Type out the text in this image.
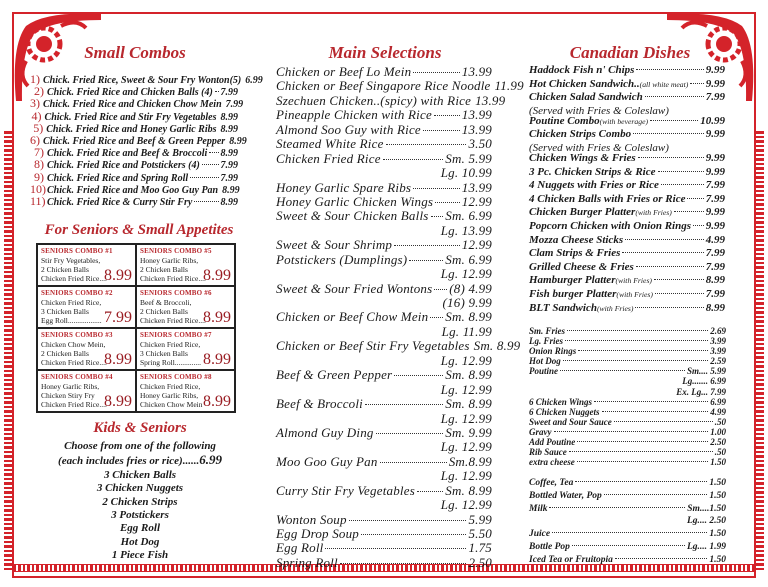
Small Combos
1) Chick. Fried Rice, Sweet & Sour Fry Wonton(5) 6.99
2) Chick. Fried Rice and Chicken Balls (4) 7.99
3) Chick. Fried Rice and Chicken Chow Mein 7.99
4) Chick. Fried Rice and Stir Fry Vegetables 8.99
5) Chick. Fried Rice and Honey Garlic Ribs 8.99
6) Chick. Fried Rice and Beef & Green Pepper 8.99
7) Chick. Fried Rice and Beef & Broccoli 8.99
8) Chick. Fried Rice and Potstickers (4) 7.99
9) Chick. Fried Rice and Spring Roll	7.99
10) Chick. Fried Rice and Moo Goo Guy Pan 8.99
11) Chick. Fried Rice & Curry Stir Fry	8.99
For Seniors & Small Appetites
SENIORS COMBO #1
Stir Fry Vegetables,
2 Chicken Balls
Chicken Fried Rice....
8.99
SENIORS COMBO #5
Honey Garlic Ribs,
2 Chicken Balls
Chicken Fried Rice....
8.99
SENIORS COMBO #2
Chicken Fried Rice,
3 Chicken Balls
Egg Roll.................. 7.99
SENIORS COMBO #6
Beef & Broccoli,
2 Chicken Balls
Chicken Fried Rice....
8.99
SENIORS COMBO #3
Chicken Chow Mein,
2 Chicken Balls
Chicken Fried Rice....
8.99
SENIORS COMBO #7
Chicken Fried Rice,
3 Chicken Balls
Spring Roll.............. 8.99
SENIORS COMBO #4
Honey Garlic Ribs,
Chicken Stiry Fry
Chicken Fried Rice....
8.99
SENIORS COMBO #8
Chicken Fried Rice,
Honey Garlic Ribs,
Chicken Chow Mein 8.99
Kids & Seniors
Choose from one of the following
(each includes fries or rice)......6.99
3 Chicken Balls
3 Chicken Nuggets
2 Chicken Strips
3 Potstickers
Egg Roll
Hot Dog
1 Piece Fish
Main Selections
Chicken or Beef Lo Mein	13.99
Chicken or Beef Singapore Rice Noodle 11.99
Szechuen Chicken..(spicy) with Rice 13.99
Pineapple Chicken with Rice 13.99
Almond Soo Guy with Rice	13.99
Steamed White Rice	3.50
Chicken Fried Rice	Sm. 5.99
Lg. 10.99
Honey Garlic Spare Ribs	13.99
Honey Garlic Chicken Wings 12.99
Sweet & Sour Chicken Balls Sm. 6.99
Lg. 13.99
Sweet & Sour Shrimp	12.99
Potstickers (Dumplings)	Sm. 6.99
Lg. 12.99
Sweet & Sour Fried Wontons (8) 4.99
(16) 9.99
Chicken or Beef Chow Mein Sm. 8.99
Lg. 11.99
Chicken or Beef Stir Fry Vegetables Sm. 8.99
Lg. 12.99
Beef & Green Pepper	Sm. 8.99
Lg. 12.99
Beef & Broccoli	Sm. 8.99
Lg. 12.99
Almond Guy Ding	Sm. 9.99
Lg. 12.99
Moo Goo Guy Pan	Sm.8.99
Lg. 12.99
Curry Stir Fry Vegetables Sm. 8.99
Lg. 12.99
Wonton Soup	5.99
Egg Drop Soup	5.50
Egg Roll	1.75
Spring Roll	2.50
Canadian Dishes
Haddock Fish n' Chips	9.99
Hot Chicken Sandwich.. (all white meat) 9.99
Chicken Salad Sandwich	7.99
(Served with Fries & Coleslaw)
Poutine Combo (with beverage)	10.99
Chicken Strips Combo	9.99
(Served with Fries & Coleslaw)
Chicken Wings & Fries	9.99
3 Pc. Chicken Strips & Rice	9.99
4 Nuggets with Fries or Rice	7.99
4 Chicken Balls with Fries or Rice 7.99
Chicken Burger Platter (with Fries)	9.99
Popcorn Chicken with Onion Rings 9.99
Mozza Cheese Sticks	4.99
Clam Strips & Fries	7.99
Grilled Cheese & Fries	7.99
Hamburger Platter (with Fries)	8.99
Fish burger Platter (with Fries)	7.99
BLT Sandwich (with Fries)	8.99
Sm. Fries	2.69
Lg. Fries	3.99
Onion Rings	3.99
Hot Dog	2.59
Poutine	Sm.... 5.99
Lg....... 6.99
Ex. Lg... 7.99
6 Chicken Wings	6.99
6 Chicken Nuggets	4.99
Sweet and Sour Sauce	.50
Gravy	1.00
Add Poutine	2.50
Rib Sauce	.50
extra cheese	1.50
Coffee, Tea	1.50
Bottled Water, Pop	1.50
Milk	Sm....1.50
Lg.... 2.50
Juice	1.50
Bottle Pop	Lg.... 1.99
Iced Tea or Fruitopia	1.50
